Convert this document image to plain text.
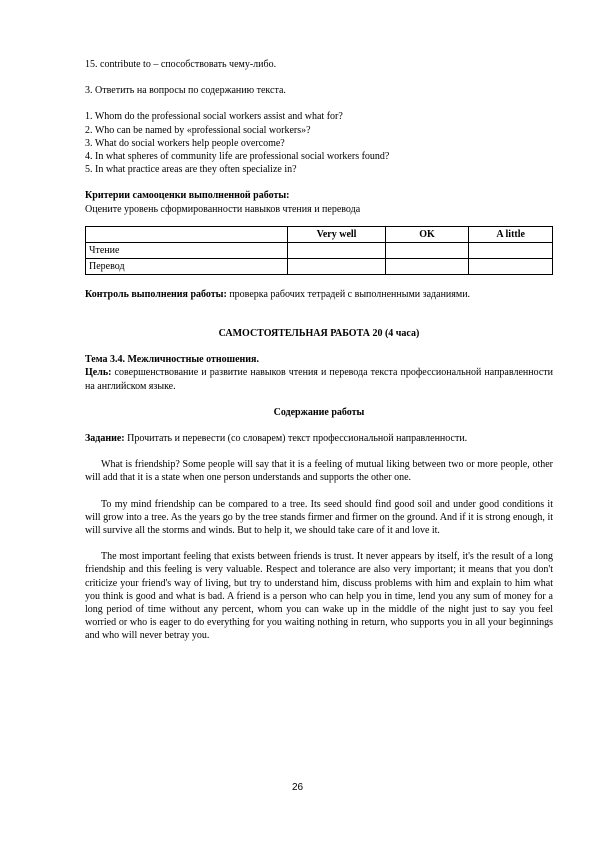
15. contribute to – способствовать чему-либо.

3. Ответить на вопросы по содержанию текста.

1. Whom do the professional social workers assist and what for?

2. Who can be named by «professional social workers»?

3. What do social workers help people overcome?

4. In what spheres of community life are professional social workers found?

5. In what practice areas are they often specialize in?

Критерии самооценки выполненной работы:

Оцените уровень сформированности навыков чтения и перевода

	Very well	OK	A little
Чтение			
Перевод			

Контроль выполнения работы: проверка рабочих тетрадей с выполненными заданиями.

САМОСТОЯТЕЛЬНАЯ РАБОТА 20 (4 часа)

Тема 3.4. Межличностные отношения.

Цель: совершенствование и развитие навыков чтения и перевода текста профессиональной направленности на английском языке.

Содержание работы

Задание: Прочитать и перевести (со словарем) текст профессиональной направленности.

What is friendship? Some people will say that it is a feeling of mutual liking between two or more people, other will add that it is a state when one person understands and supports the other one.

To my mind friendship can be compared to a tree. Its seed should find good soil and under good conditions it will grow into a tree. As the years go by the tree stands firmer and firmer on the ground. And if it is strong enough, it will survive all the storms and winds. But to help it, we should take care of it and love it.

The most important feeling that exists between friends is trust. It never appears by itself, it's the result of a long friendship and this feeling is very valuable. Respect and tolerance are also very important; it means that you don't criticize your friend's way of living, but try to understand him, discuss problems with him and explain to him what you think is good and what is bad. A friend is a person who can help you in time, lend you any sum of money for a long period of time without any percent, whom you can wake up in the middle of the night just to say you feel worried or who is eager to do everything for you waiting nothing in return, who supports you in all your beginnings and who will never betray you.

26
